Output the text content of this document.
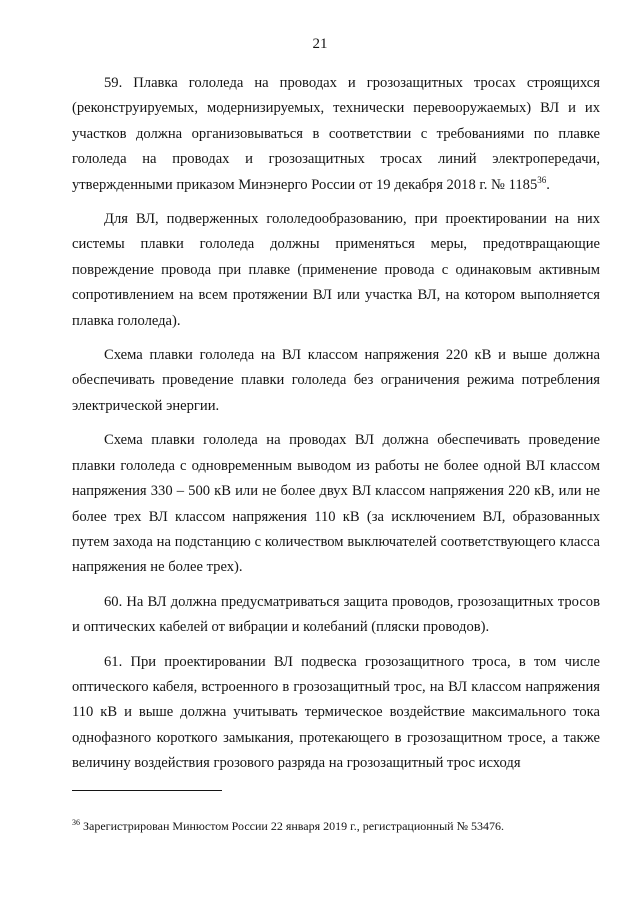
21

59. Плавка гололеда на проводах и грозозащитных тросах строящихся (реконструируемых, модернизируемых, технически перевооружаемых) ВЛ и их участков должна организовываться в соответствии с требованиями по плавке гололеда на проводах и грозозащитных тросах линий электропередачи, утвержденными приказом Минэнерго России от 19 декабря 2018 г. № 1185$^{36}$.

Для ВЛ, подверженных гололедообразованию, при проектировании на них системы плавки гололеда должны применяться меры, предотвращающие повреждение провода при плавке (применение провода с одинаковым активным сопротивлением на всем протяжении ВЛ или участка ВЛ, на котором выполняется плавка гололеда).

Схема плавки гололеда на ВЛ классом напряжения 220 кВ и выше должна обеспечивать проведение плавки гололеда без ограничения режима потребления электрической энергии.

Схема плавки гололеда на проводах ВЛ должна обеспечивать проведение плавки гололеда с одновременным выводом из работы не более одной ВЛ классом напряжения 330 – 500 кВ или не более двух ВЛ классом напряжения 220 кВ, или не более трех ВЛ классом напряжения 110 кВ (за исключением ВЛ, образованных путем захода на подстанцию с количеством выключателей соответствующего класса напряжения не более трех).

60. На ВЛ должна предусматриваться защита проводов, грозозащитных тросов и оптических кабелей от вибрации и колебаний (пляски проводов).

61. При проектировании ВЛ подвеска грозозащитного троса, в том числе оптического кабеля, встроенного в грозозащитный трос, на ВЛ классом напряжения 110 кВ и выше должна учитывать термическое воздействие максимального тока однофазного короткого замыкания, протекающего в грозозащитном тросе, а также величину воздействия грозового разряда на грозозащитный трос исходя

$^{36}$ Зарегистрирован Минюстом России 22 января 2019 г., регистрационный № 53476.
